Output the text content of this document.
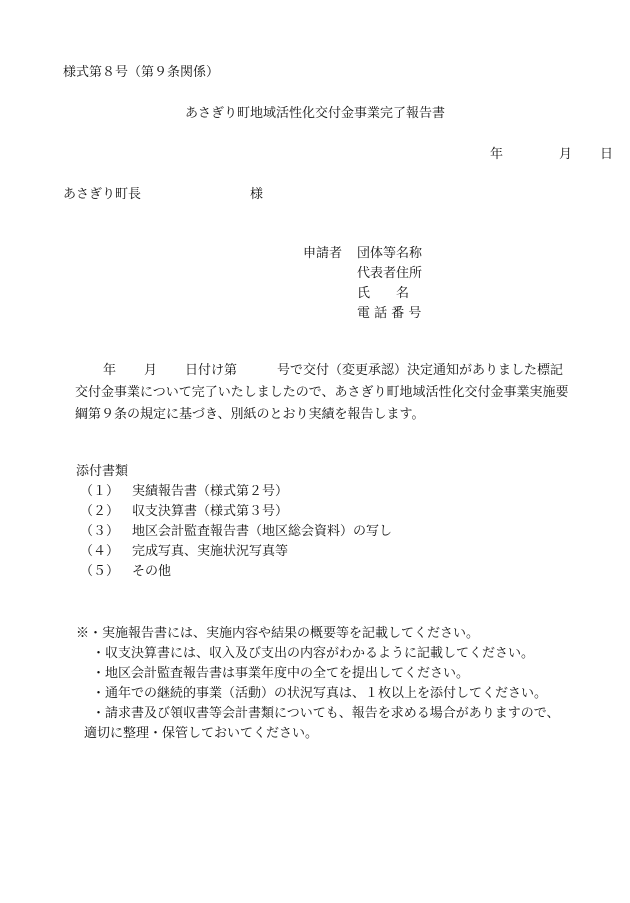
様式第８号（第９条関係）
あさぎり町地域活性化交付金事業完了報告書
年	月 日
あさぎり町長	様
申請者 団体等名称
代表者住所
氏　　名
電 話 番 号
年 月 日付け第	号で交付（変更承認）決定通知がありました標記
交付金事業について完了いたしましたので、あさぎり町地域活性化交付金事業実施要
綱第９条の規定に基づき、別紙のとおり実績を報告します。
添付書類
（１） 実績報告書（様式第２号）
（２） 収支決算書（様式第３号）
（３） 地区会計監査報告書（地区総会資料）の写し
（４） 完成写真、実施状況写真等
（５） その他
※・実施報告書には、実施内容や結果の概要等を記載してください。
・収支決算書には、収入及び支出の内容がわかるように記載してください。
・地区会計監査報告書は事業年度中の全てを提出してください。
・通年での継続的事業（活動）の状況写真は、１枚以上を添付してください。
・請求書及び領収書等会計書類についても、報告を求める場合がありますので、
適切に整理・保管しておいてください。
